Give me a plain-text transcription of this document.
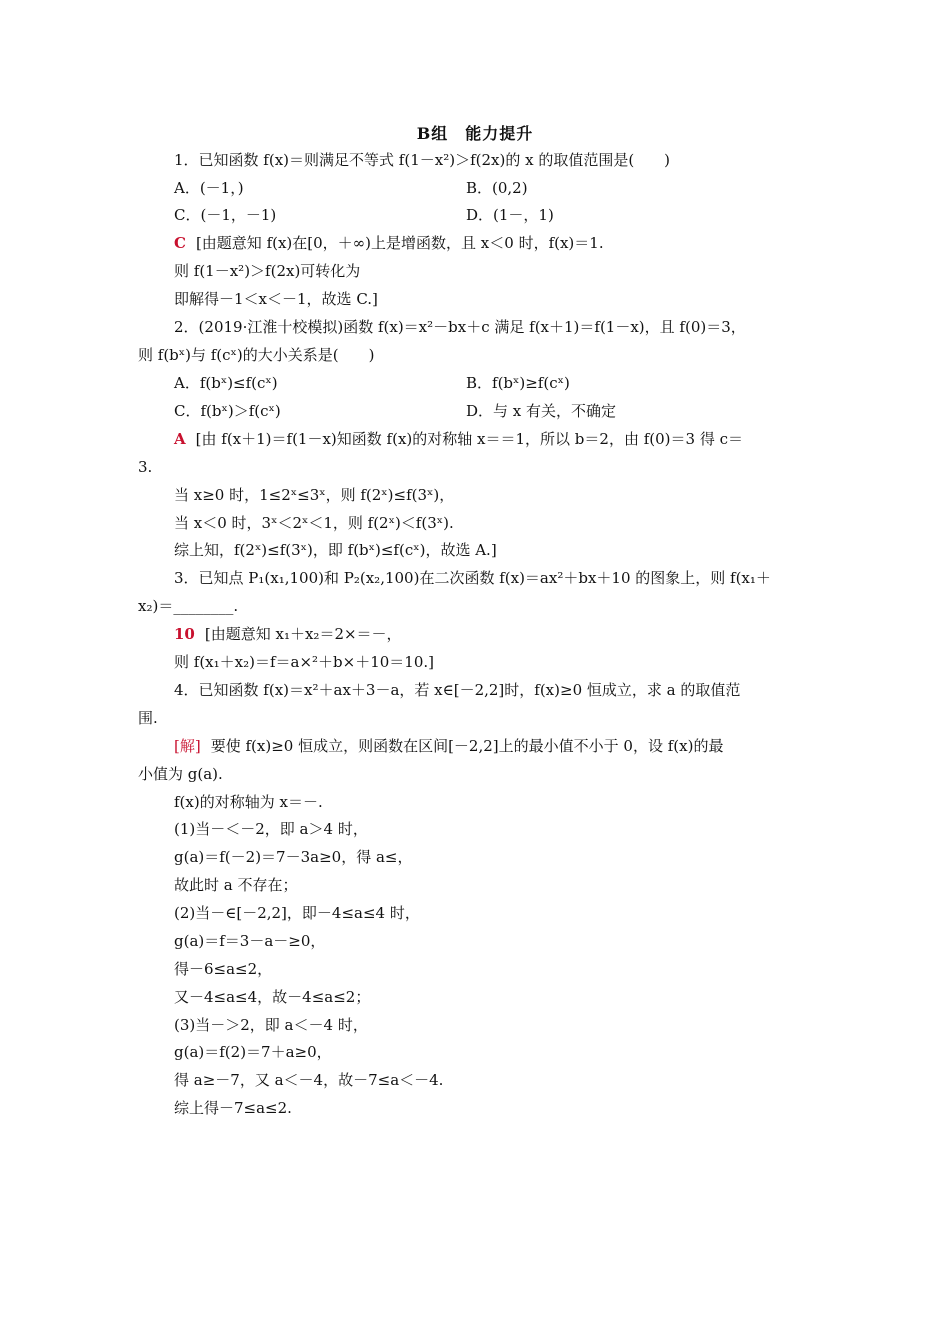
B组　能力提升
1．已知函数 f(x)＝则满足不等式 f(1－x²)＞f(2x)的 x 的取值范围是(　　)
A．(－1，)	B．(0,2)
C．(－1，－1)	D．(1－，1)
C [由题意知 f(x)在[0，＋∞)上是增函数，且 x＜0 时，f(x)＝1.
则 f(1－x²)＞f(2x)可转化为
即解得－1＜x＜－1，故选 C.]
2．(2019·江淮十校模拟)函数 f(x)＝x²－bx＋c 满足 f(x＋1)＝f(1－x)，且 f(0)＝3，
则 f(bˣ)与 f(cˣ)的大小关系是(　　)
A．f(bˣ)≤f(cˣ)	B．f(bˣ)≥f(cˣ)
C．f(bˣ)＞f(cˣ)	D．与 x 有关，不确定
A [由 f(x＋1)＝f(1－x)知函数 f(x)的对称轴 x＝＝1，所以 b＝2，由 f(0)＝3 得 c＝
3.
当 x≥0 时，1≤2ˣ≤3ˣ，则 f(2ˣ)≤f(3ˣ)，
当 x＜0 时，3ˣ＜2ˣ＜1，则 f(2ˣ)＜f(3ˣ).
综上知，f(2ˣ)≤f(3ˣ)，即 f(bˣ)≤f(cˣ)，故选 A.]
3．已知点 P₁(x₁,100)和 P₂(x₂,100)在二次函数 f(x)＝ax²＋bx＋10 的图象上，则 f(x₁＋
x₂)＝________.
10 [由题意知 x₁＋x₂＝2×＝－，
则 f(x₁＋x₂)＝f＝a×²＋b×＋10＝10.]
4．已知函数 f(x)＝x²＋ax＋3－a，若 x∈[－2,2]时，f(x)≥0 恒成立，求 a 的取值范
围.
[解] 要使 f(x)≥0 恒成立，则函数在区间[－2,2]上的最小值不小于 0，设 f(x)的最
小值为 g(a).
f(x)的对称轴为 x＝－.
(1)当－＜－2，即 a＞4 时，
g(a)＝f(－2)＝7－3a≥0，得 a≤，
故此时 a 不存在；
(2)当－∈[－2,2]，即－4≤a≤4 时，
g(a)＝f＝3－a－≥0，
得－6≤a≤2，
又－4≤a≤4，故－4≤a≤2；
(3)当－＞2，即 a＜－4 时，
g(a)＝f(2)＝7＋a≥0，
得 a≥－7，又 a＜－4，故－7≤a＜－4.
综上得－7≤a≤2.
